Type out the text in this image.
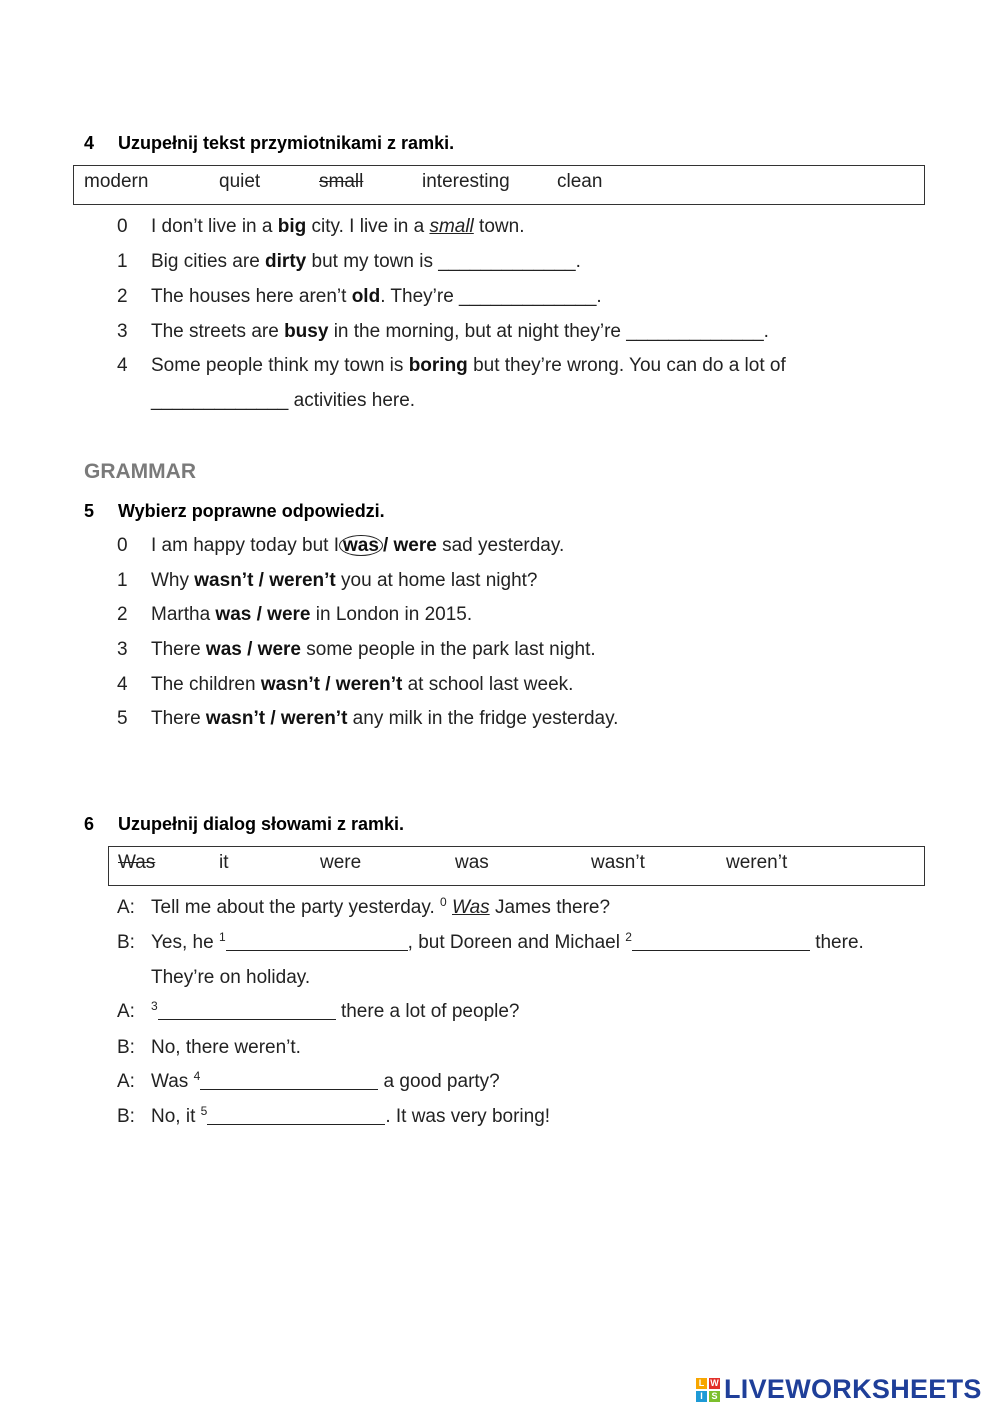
4 Uzupełnij tekst przymiotnikami z ramki.
modern	quiet	small	interesting clean
0 I don’t live in a big city. I live in a small town.
1 Big cities are dirty but my town is _____________.
2 The houses here aren’t old. They’re _____________.
3 The streets are busy in the morning, but at night they’re _____________.
4 Some people think my town is boring but they’re wrong. You can do a lot of
_____________ activities here.
GRAMMAR
5 Wybierz poprawne odpowiedzi.
0 I am happy today but I was / were sad yesterday.
1 Why wasn’t / weren’t you at home last night?
2 Martha was / were in London in 2015.
3 There was / were some people in the park last night.
4 The children wasn’t / weren’t at school last week.
5 There wasn’t / weren’t any milk in the fridge yesterday.
6 Uzupełnij dialog słowami z ramki.
Was	it	were	was	wasn’t	weren’t
A: Tell me about the party yesterday. $^0$ Was James there?
B: Yes, he $^1$	, but Doreen and Michael $^2$	there.
They’re on holiday.
A: $^3$	there a lot of people?
B: No, there weren’t.
A: Was $^4$	a good party?
B: No, it $^5$	. It was very boring!
L W
I S LIVEWORKSHEETS
